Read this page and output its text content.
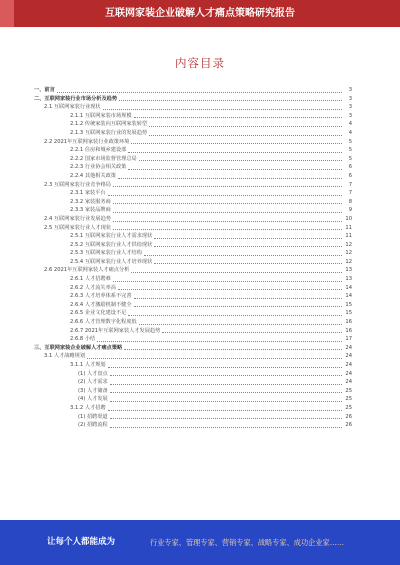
互联网家装企业破解人才痛点策略研究报告
内容目录
一、前言	3
二、互联网家装行业市场分析及趋势	3
2.1 互联网家装行业现状	3
2.1.1 互联网家装市场规模	3
2.1.2 传统家装向互联网家装转型	4
2.1.3 互联网家装行业的发展趋势	4
2.2 2021年互联网家装行业政策环境	5
2.2.1 住房和城乡建设部	5
2.2.2 国家市场监督管理总局	5
2.2.3 行业协会相关政策	6
2.2.4 其他相关政策	6
2.3 互联网家装行业竞争格局	7
2.3.1 家装平台	7
2.3.2 家装服务商	8
2.3.3 家装品牌商	9
2.4 互联网家装行业发展趋势	10
2.5 互联网家装行业人才现状	11
2.5.1 互联网家装行业人才需求现状	11
2.5.2 互联网家装行业人才供给现状	12
2.5.3 互联网家装行业人才结构	12
2.5.4 互联网家装行业人才培养现状	12
2.6 2021年互联网家装人才痛点分析	13
2.6.1 人才招聘难	13
2.6.2 人才流失率高	14
2.6.3 人才培养体系不完善	14
2.6.4 人才激励机制不健全	15
2.6.5 企业文化建设不足	15
2.6.6 人才管理数字化程度低	16
2.6.7 2021年互联网家装人才发展趋势	16
2.6.8 小结	17
三、互联网家装企业破解人才痛点策略	24
3.1 人才战略规划	24
3.1.1 人才规划	24
(1) 人才盘点	24
(2) 人才需求	24
(3) 人才储备	25
(4) 人才发展	25
3.1.2 人才招聘	25
(1) 招聘渠道	26
(2) 招聘流程	26
让每个人都能成为	行业专家、管理专家、营销专家、战略专家、成功企业家……
